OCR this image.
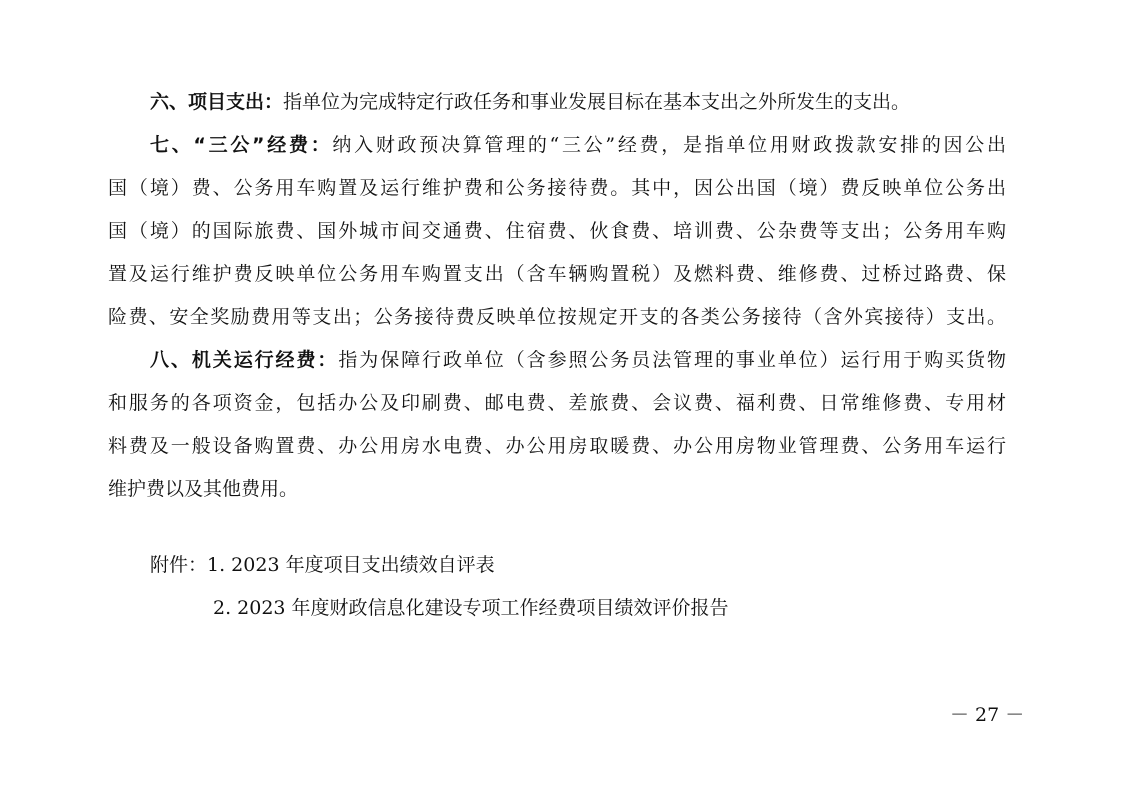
六、项目支出：指单位为完成特定行政任务和事业发展目标在基本支出之外所发生的支出。
七、“三公”经费：纳入财政预决算管理的“三公”经费，是指单位用财政拨款安排的因公出
国（境）费、公务用车购置及运行维护费和公务接待费。其中，因公出国（境）费反映单位公务出
国（境）的国际旅费、国外城市间交通费、住宿费、伙食费、培训费、公杂费等支出；公务用车购
置及运行维护费反映单位公务用车购置支出（含车辆购置税）及燃料费、维修费、过桥过路费、保
险费、安全奖励费用等支出；公务接待费反映单位按规定开支的各类公务接待（含外宾接待）支出。
八、机关运行经费：指为保障行政单位（含参照公务员法管理的事业单位）运行用于购买货物
和服务的各项资金，包括办公及印刷费、邮电费、差旅费、会议费、福利费、日常维修费、专用材
料费及一般设备购置费、办公用房水电费、办公用房取暖费、办公用房物业管理费、公务用车运行
维护费以及其他费用。
附件：1. 2023 年度项目支出绩效自评表
2. 2023 年度财政信息化建设专项工作经费项目绩效评价报告
－ 27 －
